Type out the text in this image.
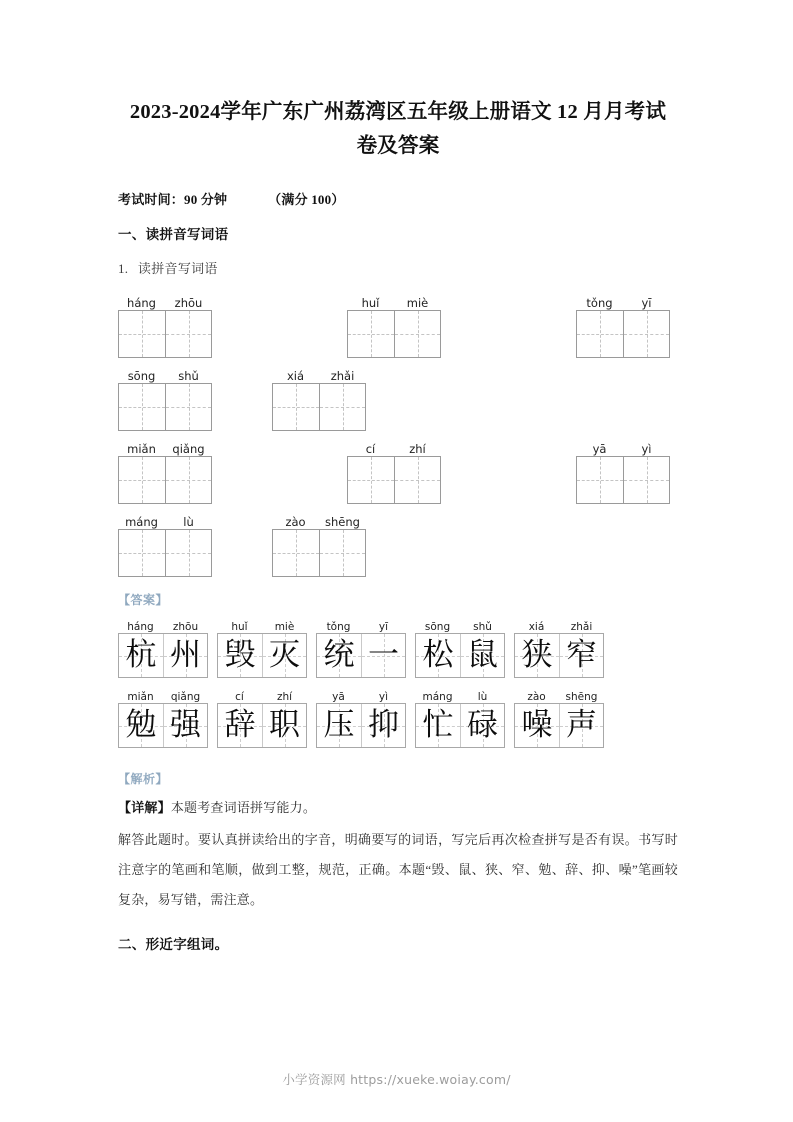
2023-2024学年广东广州荔湾区五年级上册语文 12 月月考试卷及答案
考试时间：90 分钟	（满分 100）
一、读拼音写词语
1. 读拼音写词语
háng	zhōu	huǐ	miè	tǒng	yī
sōng	shǔ	xiá	zhǎi
miǎn	qiǎng	cí	zhí	yā	yì
máng	lù	zào	shēng
【答案】
háng	zhōu
杭 州
huǐ	miè
毁 灭
tǒng	yī
统 一
sōng	shǔ
松 鼠
xiá	zhǎi
狭 窄
miǎn	qiǎng
勉 强
cí	zhí
辞 职
yā	yì
压 抑
máng	lù
忙 碌
zào	shēng
噪 声
【解析】
【详解】本题考查词语拼写能力。
解答此题时。要认真拼读给出的字音，明确要写的词语，写完后再次检查拼写是否有误。书写时注意字的笔画和笔顺，做到工整，规范，正确。本题“毁、鼠、狭、窄、勉、辞、抑、噪”笔画较复杂，易写错，需注意。
二、形近字组词。
小学资源网 https://xueke.woiay.com/
